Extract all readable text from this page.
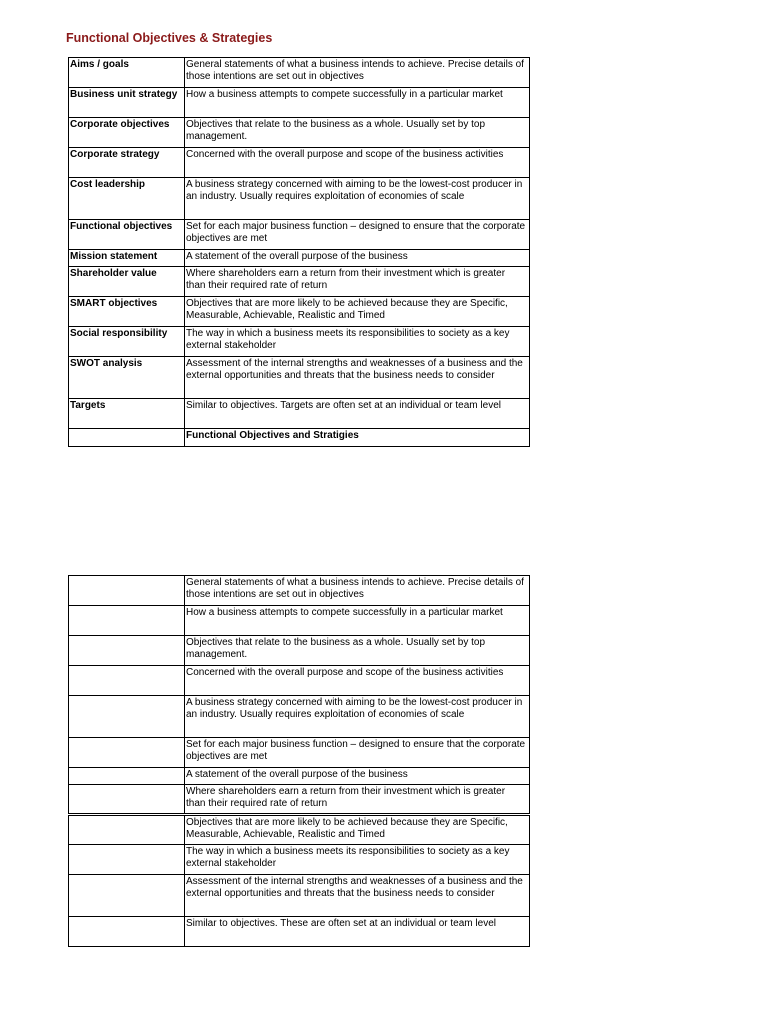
Functional Objectives & Strategies
Aims / goals	General statements of what a business intends to achieve. Precise details of those intentions are set out in objectives
Business unit strategy	How a business attempts to compete successfully in a particular market
Corporate objectives	Objectives that relate to the business as a whole. Usually set by top management.
Corporate strategy	Concerned with the overall purpose and scope of the business activities
Cost leadership	A business strategy concerned with aiming to be the lowest-cost producer in an industry. Usually requires exploitation of economies of scale
Functional objectives	Set for each major business function – designed to ensure that the corporate objectives are met
Mission statement	A statement of the overall purpose of the business
Shareholder value	Where shareholders earn a return from their investment which is greater than their required rate of return
SMART objectives	Objectives that are more likely to be achieved because they are Specific, Measurable, Achievable, Realistic and Timed
Social responsibility	The way in which a business meets its responsibilities to society as a key external stakeholder
SWOT analysis	Assessment of the internal strengths and weaknesses of a business and the external opportunities and threats that the business needs to consider
Targets	Similar to objectives. Targets are often set at an individual or team level
	Functional Objectives and Stratigies
	General statements of what a business intends to achieve. Precise details of those intentions are set out in objectives
	How a business attempts to compete successfully in a particular market
	Objectives that relate to the business as a whole. Usually set by top management.
	Concerned with the overall purpose and scope of the business activities
	A business strategy concerned with aiming to be the lowest-cost producer in an industry. Usually requires exploitation of economies of scale
	Set for each major business function – designed to ensure that the corporate objectives are met
	A statement of the overall purpose of the business
	Where shareholders earn a return from their investment which is greater than their required rate of return
	Objectives that are more likely to be achieved because they are Specific, Measurable, Achievable, Realistic and Timed
	The way in which a business meets its responsibilities to society as a key external stakeholder
	Assessment of the internal strengths and weaknesses of a business and the external opportunities and threats that the business needs to consider
	Similar to objectives. These are often set at an individual or team level
